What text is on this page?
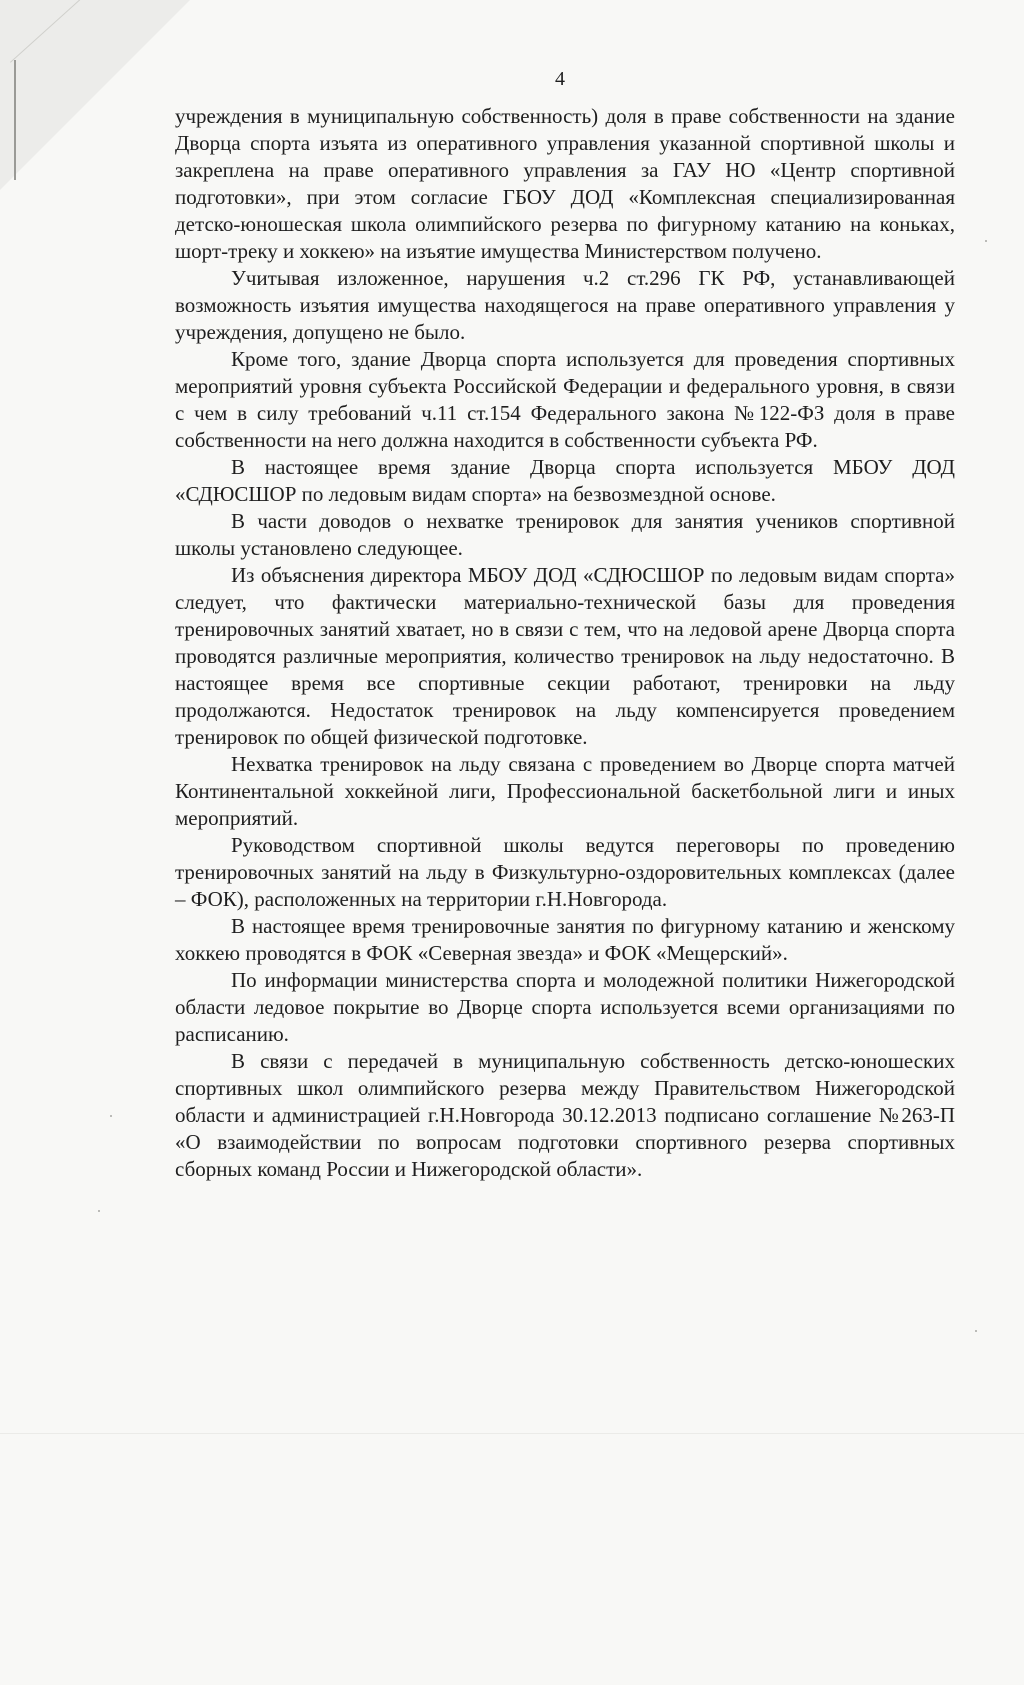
4

учреждения в муниципальную собственность) доля в праве собственности на здание Дворца спорта изъята из оперативного управления указанной спортивной школы и закреплена на праве оперативного управления за ГАУ НО «Центр спортивной подготовки», при этом согласие ГБОУ ДОД «Комплексная специализированная детско-юношеская школа олимпийского резерва по фигурному катанию на коньках, шорт-треку и хоккею» на изъятие имущества Министерством получено.

Учитывая изложенное, нарушения ч.2 ст.296 ГК РФ, устанавливающей возможность изъятия имущества находящегося на праве оперативного управления у учреждения, допущено не было.

Кроме того, здание Дворца спорта используется для проведения спортивных мероприятий уровня субъекта Российской Федерации и федерального уровня, в связи с чем в силу требований ч.11 ст.154 Федерального закона №122-ФЗ доля в праве собственности на него должна находится в собственности субъекта РФ.

В настоящее время здание Дворца спорта используется МБОУ ДОД «СДЮСШОР по ледовым видам спорта» на безвозмездной основе.

В части доводов о нехватке тренировок для занятия учеников спортивной школы установлено следующее.

Из объяснения директора МБОУ ДОД «СДЮСШОР по ледовым видам спорта» следует, что фактически материально-технической базы для проведения тренировочных занятий хватает, но в связи с тем, что на ледовой арене Дворца спорта проводятся различные мероприятия, количество тренировок на льду недостаточно. В настоящее время все спортивные секции работают, тренировки на льду продолжаются. Недостаток тренировок на льду компенсируется проведением тренировок по общей физической подготовке.

Нехватка тренировок на льду связана с проведением во Дворце спорта матчей Континентальной хоккейной лиги, Профессиональной баскетбольной лиги и иных мероприятий.

Руководством спортивной школы ведутся переговоры по проведению тренировочных занятий на льду в Физкультурно-оздоровительных комплексах (далее – ФОК), расположенных на территории г.Н.Новгорода.

В настоящее время тренировочные занятия по фигурному катанию и женскому хоккею проводятся в ФОК «Северная звезда» и ФОК «Мещерский».

По информации министерства спорта и молодежной политики Нижегородской области ледовое покрытие во Дворце спорта используется всеми организациями по расписанию.

В связи с передачей в муниципальную собственность детско-юношеских спортивных школ олимпийского резерва между Правительством Нижегородской области и администрацией г.Н.Новгорода 30.12.2013 подписано соглашение №263-П «О взаимодействии по вопросам подготовки спортивного резерва спортивных сборных команд России и Нижегородской области».
